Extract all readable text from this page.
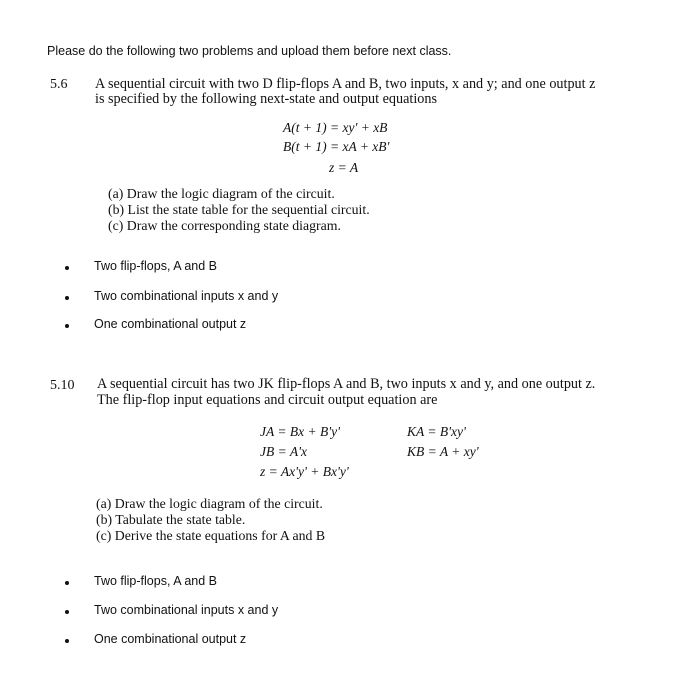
Please do the following two problems and upload them before next class.
5.6 A sequential circuit with two D flip-flops A and B, two inputs, x and y; and one output z
is specified by the following next-state and output equations
A(t + 1) = xy' + xB
B(t + 1) = xA + xB'
z = A
(a) Draw the logic diagram of the circuit.
(b) List the state table for the sequential circuit.
(c) Draw the corresponding state diagram.
Two flip-flops, A and B
Two combinational inputs x and y
One combinational output z
5.10 A sequential circuit has two JK flip-flops A and B, two inputs x and y, and one output z.
The flip-flop input equations and circuit output equation are
JA = Bx + B'y'	KA = B'xy'
JB = A'x	KB = A + xy'
z = Ax'y' + Bx'y'
(a) Draw the logic diagram of the circuit.
(b) Tabulate the state table.
(c) Derive the state equations for A and B
Two flip-flops, A and B
Two combinational inputs x and y
One combinational output z
